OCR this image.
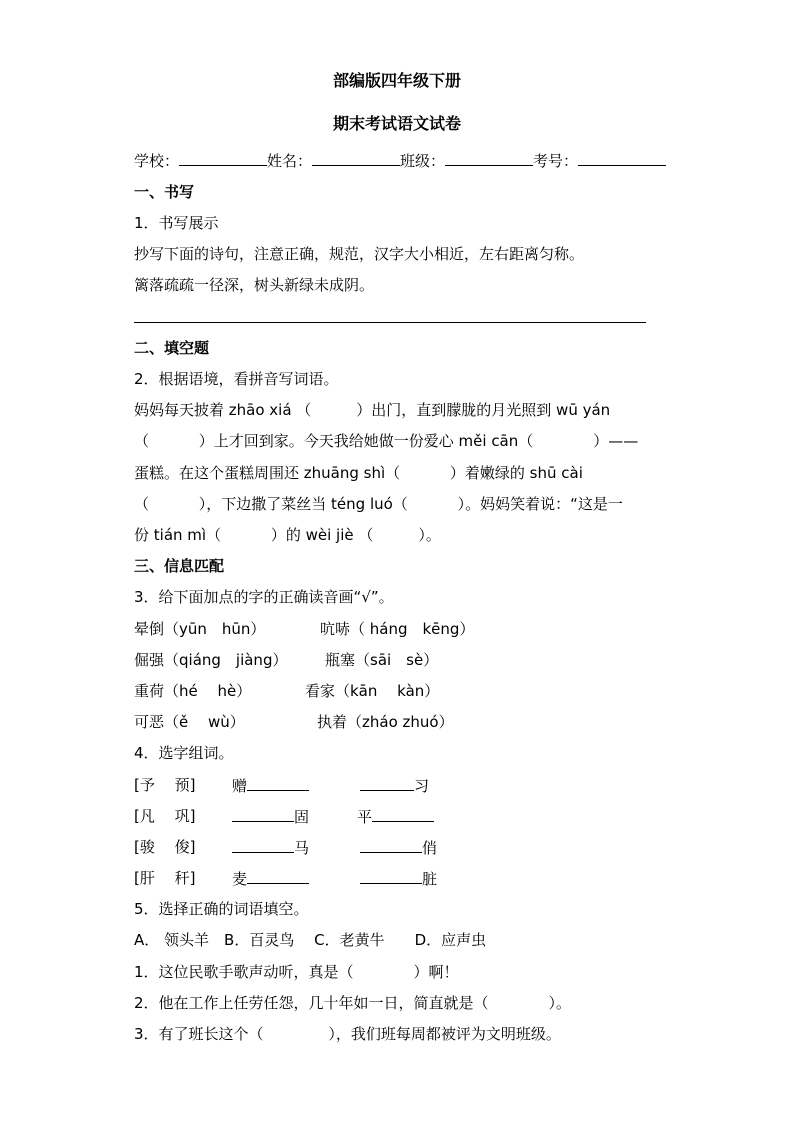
部编版四年级下册
期末考试语文试卷
学校：	姓名：	班级：	考号：
一、书写
1．书写展示
抄写下面的诗句，注意正确，规范，汉字大小相近，左右距离匀称。
篱落疏疏一径深，树头新绿未成阴。
二、填空题
2．根据语境，看拼音写词语。
妈妈每天披着 zhāo xiá （　　　）出门，直到朦胧的月光照到 wū yán
（　　　 ）上才回到家。今天我给她做一份爱心 měi cān（　　　　）——
蛋糕。在这个蛋糕周围还 zhuāng shì（　　　 ）着嫩绿的 shū cài
（　　　 ），下边撒了菜丝当 téng luó（　　　 ）。妈妈笑着说：“这是一
份 tián mì（　　　 ）的 wèi jiè （　　　）。
三、信息匹配
3．给下面加点的字的正确读音画“√”。
晕倒（yūn　hūn）	吭哧（ háng　kēng）
倔强（qiáng　jiàng）	瓶塞（sāi　sè）
重荷（hé　 hè）	看家（kān　 kàn）
可恶（ě　 wù）	执着（zháo zhuó）
4．选字组词。
[予　 预] 赠	习
[凡　 巩]	固	平
[骏　 俊]	马	俏
[肝　 秆] 麦	脏
5．选择正确的词语填空。
A． 领头羊　B．百灵鸟　 C．老黄牛　　D．应声虫
1．这位民歌手歌声动听，真是（　　　　）啊！
2．他在工作上任劳任怨，几十年如一日，简直就是（　　　　）。
3．有了班长这个（　　　　 ），我们班每周都被评为文明班级。
